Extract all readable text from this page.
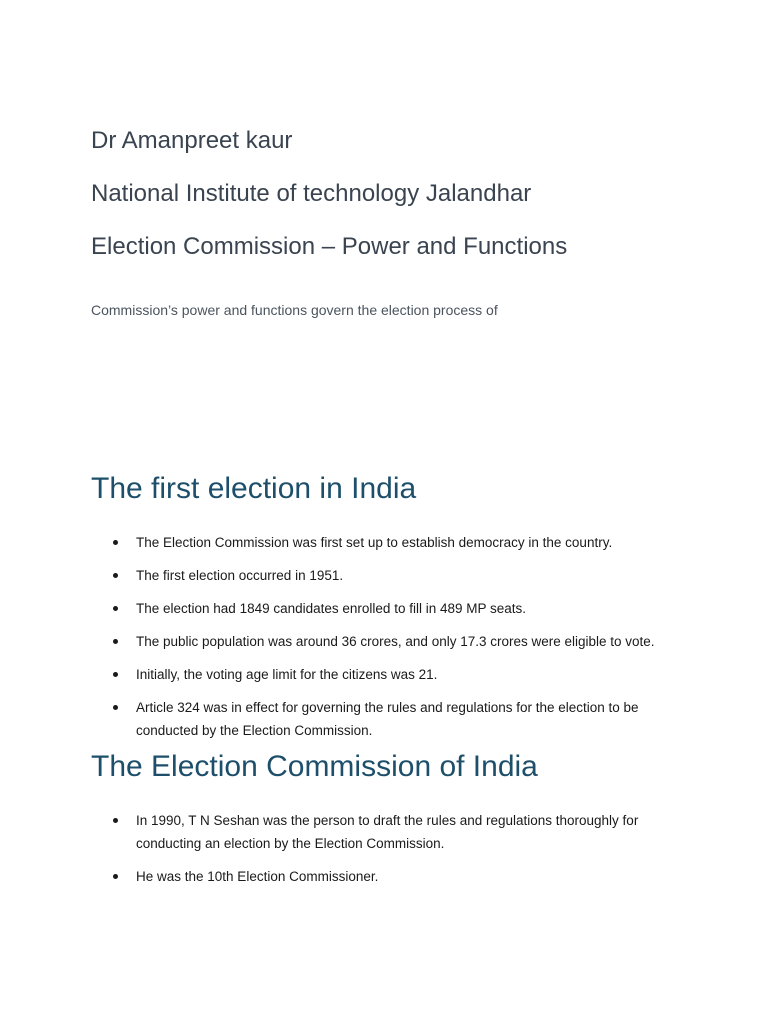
Dr Amanpreet kaur
National Institute of technology Jalandhar
Election Commission – Power and Functions

Commission’s power and functions govern the election process of

The first election in India
The Election Commission was first set up to establish democracy in the country.
The first election occurred in 1951.
The election had 1849 candidates enrolled to fill in 489 MP seats.
The public population was around 36 crores, and only 17.3 crores were eligible to vote.
Initially, the voting age limit for the citizens was 21.
Article 324 was in effect for governing the rules and regulations for the election to be conducted by the Election Commission.
The Election Commission of India
In 1990, T N Seshan was the person to draft the rules and regulations thoroughly for conducting an election by the Election Commission.
He was the 10th Election Commissioner.
